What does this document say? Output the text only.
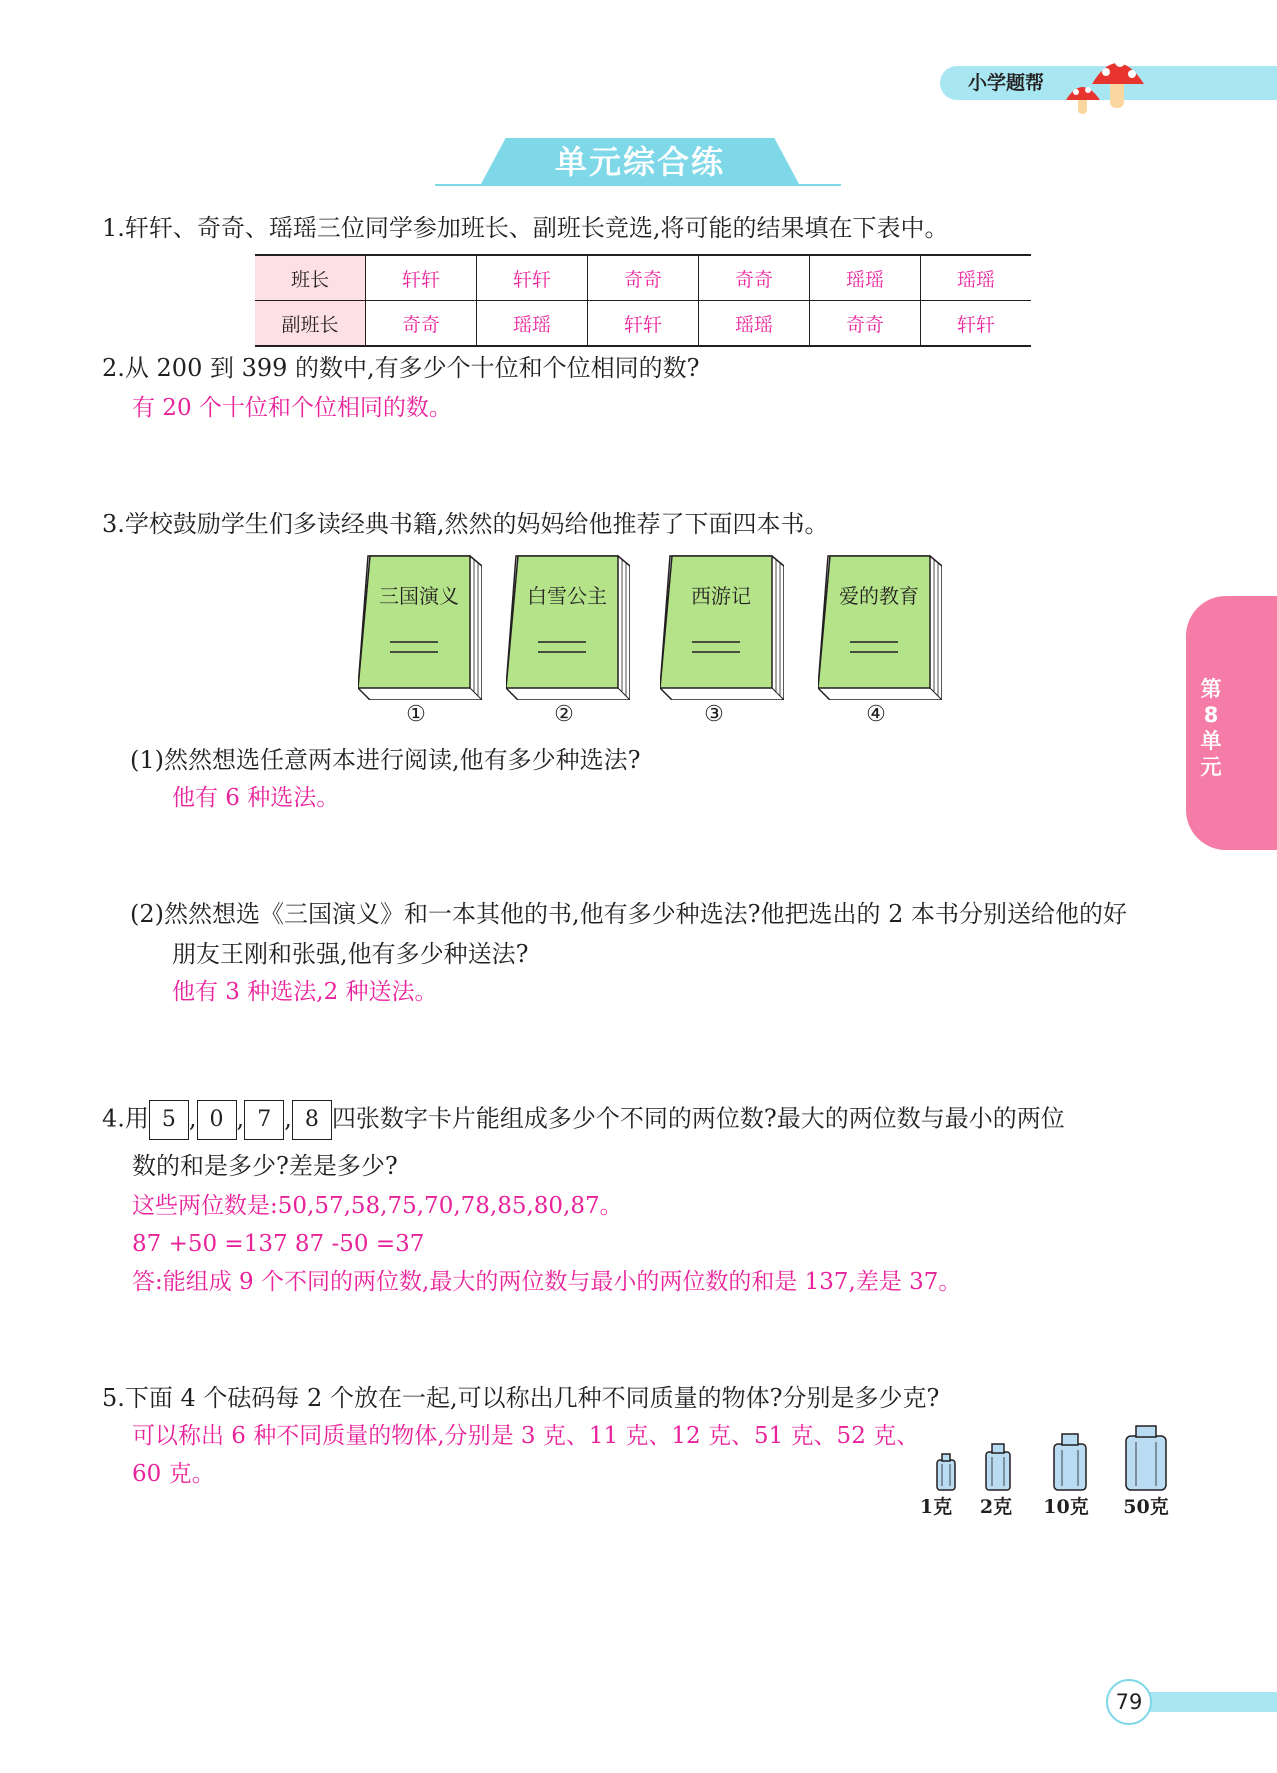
小学题帮
单元综合练
第8单元
1.轩轩、奇奇、瑶瑶三位同学参加班长、副班长竞选,将可能的结果填在下表中。
班长	轩轩	轩轩	奇奇	奇奇	瑶瑶	瑶瑶
副班长	奇奇	瑶瑶	轩轩	瑶瑶	奇奇	轩轩
2.从 200 到 399 的数中,有多少个十位和个位相同的数?
有 20 个十位和个位相同的数。
3.学校鼓励学生们多读经典书籍,然然的妈妈给他推荐了下面四本书。
三国演义
①
白雪公主
②
西游记
③
爱的教育
④
(1)然然想选任意两本进行阅读,他有多少种选法?
他有 6 种选法。
(2)然然想选《三国演义》和一本其他的书,他有多少种选法?他把选出的 2 本书分别送给他的好
朋友王刚和张强,他有多少种送法?
他有 3 种选法,2 种送法。
4.用 5 , 0 , 7 , 8 四张数字卡片能组成多少个不同的两位数?最大的两位数与最小的两位
数的和是多少?差是多少?
这些两位数是:50,57,58,75,70,78,85,80,87。
87 +50 =137 87 -50 =37
答:能组成 9 个不同的两位数,最大的两位数与最小的两位数的和是 137,差是 37。
5.下面 4 个砝码每 2 个放在一起,可以称出几种不同质量的物体?分别是多少克?
可以称出 6 种不同质量的物体,分别是 3 克、11 克、12 克、51 克、52 克、
60 克。
1克	2克	10克	50克
79
